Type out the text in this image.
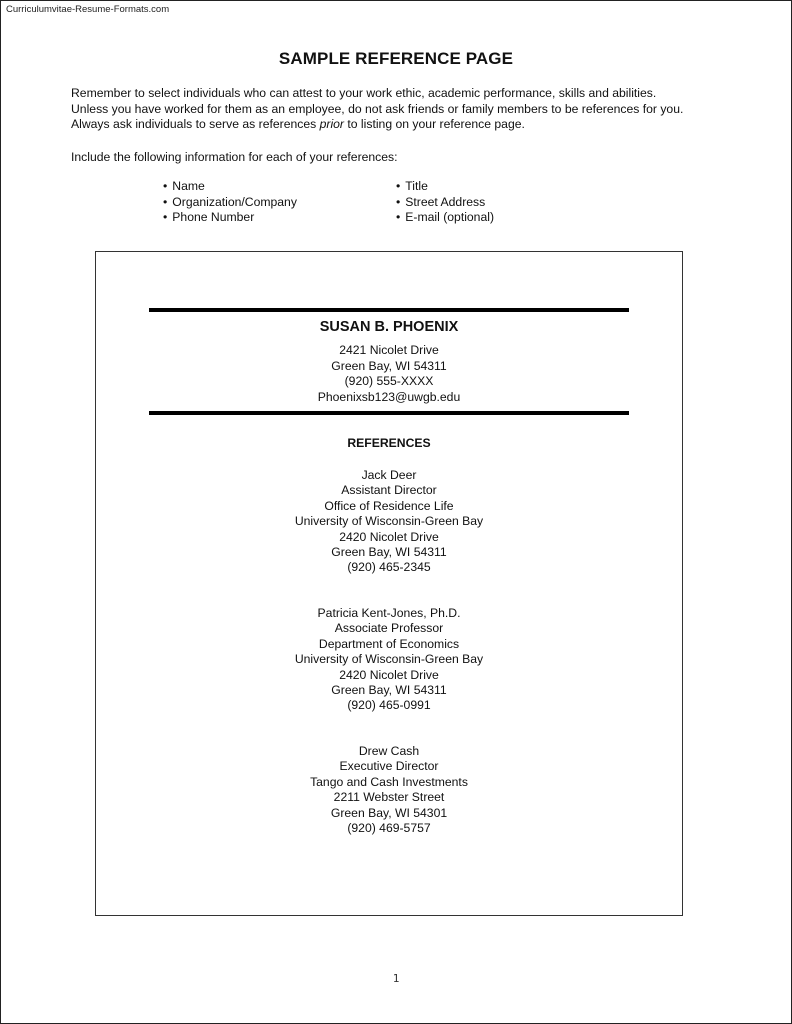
Curriculumvitae-Resume-Formats.com
SAMPLE REFERENCE PAGE

Remember to select individuals who can attest to your work ethic, academic performance, skills and abilities.

Unless you have worked for them as an employee, do not ask friends or family members to be references for you.

Always ask individuals to serve as references prior to listing on your reference page.

Include the following information for each of your references:
• Name
• Organization/Company
• Phone Number
• Title
• Street Address
• E-mail (optional)
SUSAN B. PHOENIX
2421 Nicolet Drive
Green Bay, WI 54311
(920) 555-XXXX
Phoenixsb123@uwgb.edu
REFERENCES
Jack Deer
Assistant Director
Office of Residence Life
University of Wisconsin-Green Bay
2420 Nicolet Drive
Green Bay, WI 54311
(920) 465-2345
Patricia Kent-Jones, Ph.D.
Associate Professor
Department of Economics
University of Wisconsin-Green Bay
2420 Nicolet Drive
Green Bay, WI 54311
(920) 465-0991
Drew Cash
Executive Director
Tango and Cash Investments
2211 Webster Street
Green Bay, WI 54301
(920) 469-5757
1
